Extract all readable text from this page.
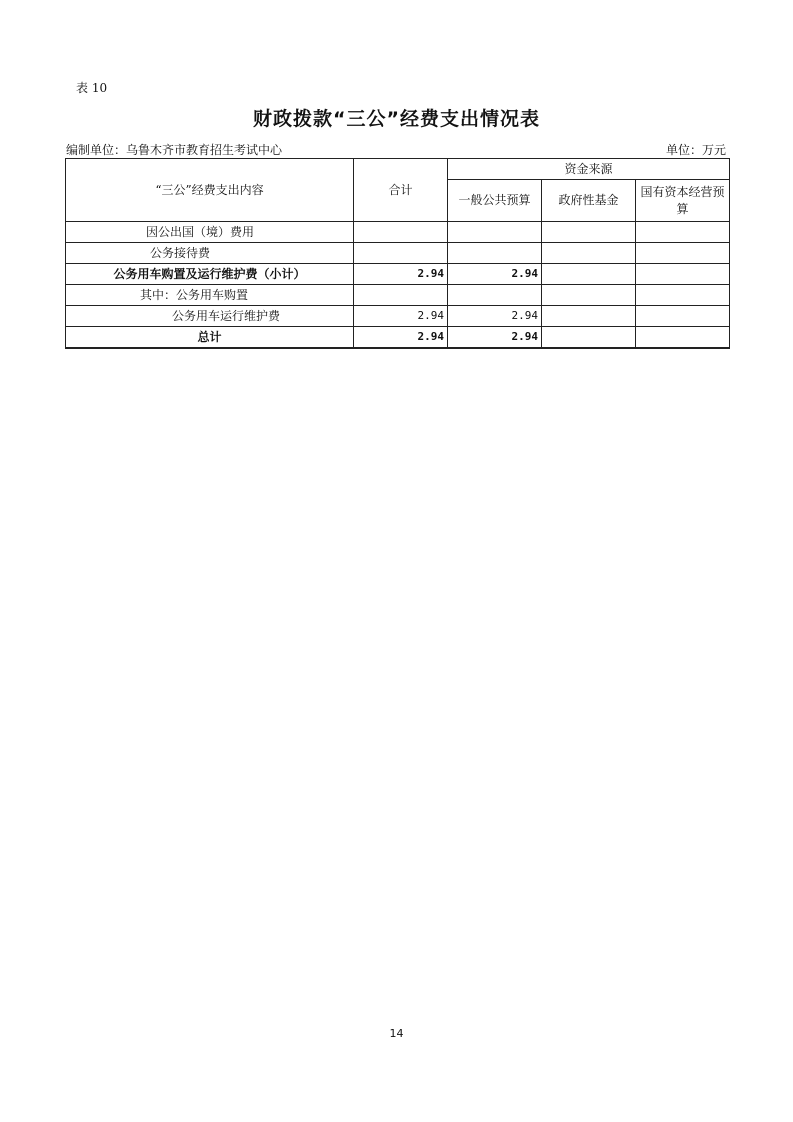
表 10
财政拨款“三公”经费支出情况表
编制单位：乌鲁木齐市教育招生考试中心	单位：万元
“三公”经费支出内容	合计	资金来源		
		一般公共预算	政府性基金	国有资本经营预算
因公出国（境）费用				
公务接待费				
公务用车购置及运行维护费（小计）	2.94	2.94		
其中：公务用车购置				
公务用车运行维护费	2.94	2.94		
总计	2.94	2.94		
14
